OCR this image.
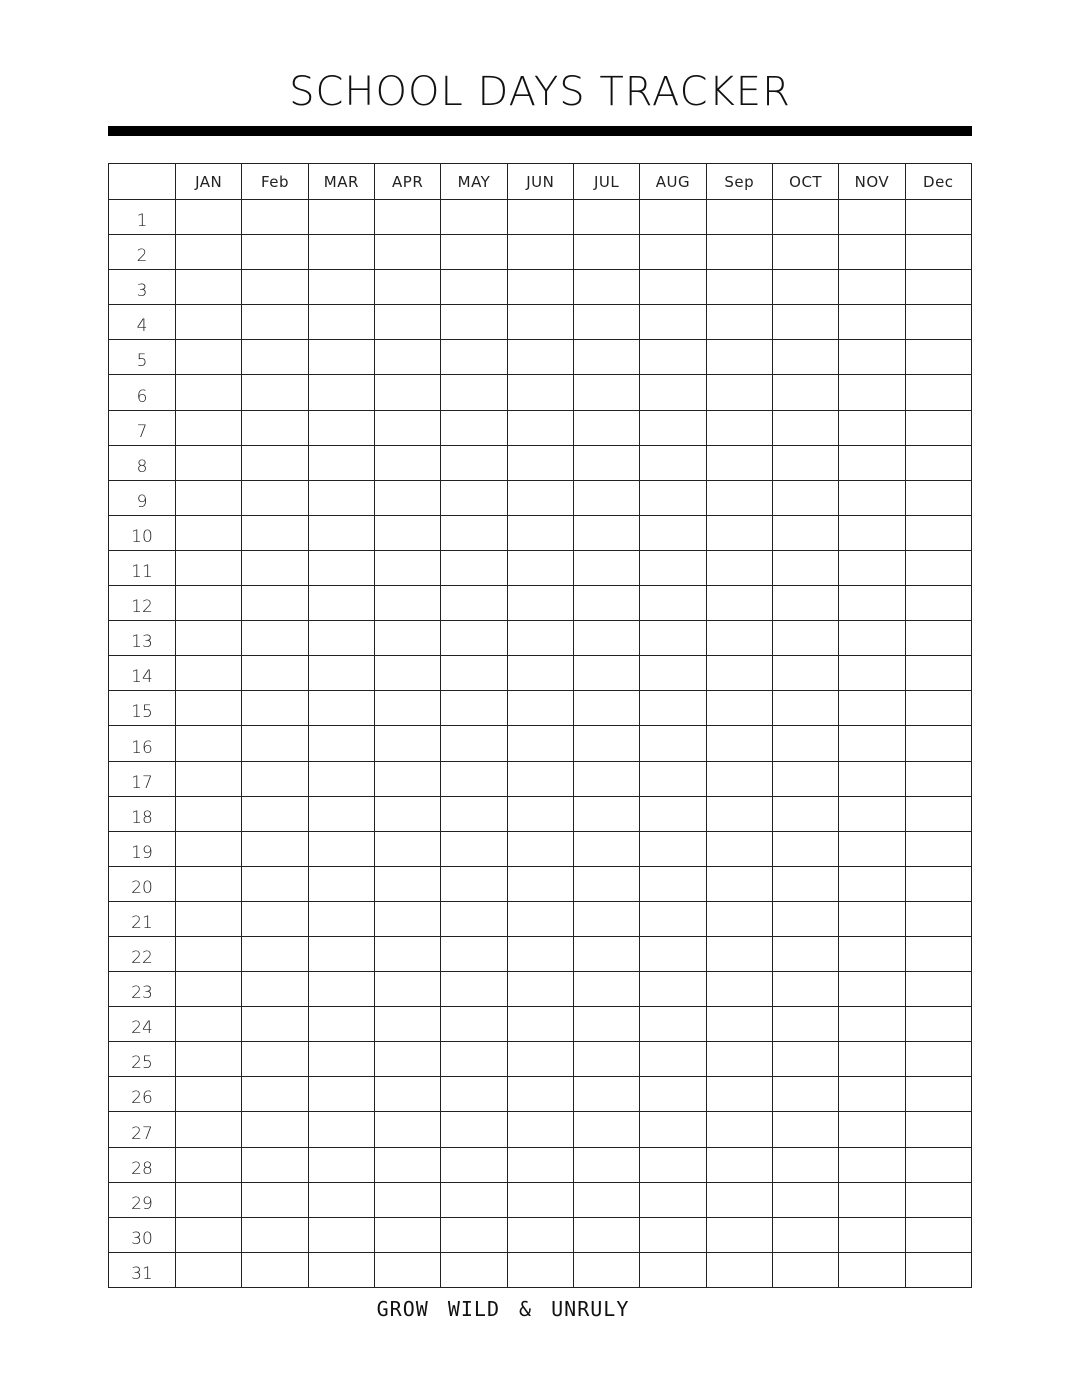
SCHOOL DAYS TRACKER
	JAN	Feb	MAR	APR	MAY	JUN	JUL	AUG	Sep	OCT	NOV	Dec
1												
2												
3												
4												
5												
6												
7												
8												
9												
10												
11												
12												
13												
14												
15												
16												
17												
18												
19												
20												
21												
22												
23												
24												
25												
26												
27												
28												
29												
30												
31												
GROW WILD & UNRULY
